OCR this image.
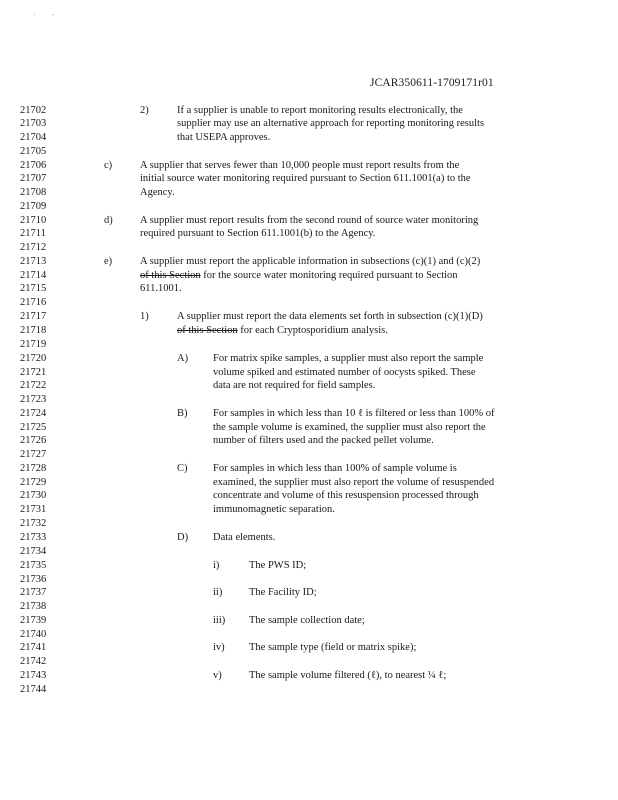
'	''
JCAR350611-1709171r01
21702
21703
21704
21705
21706
21707
21708
21709
21710
21711
21712
21713
21714
21715
21716
21717
21718
21719
21720
21721
21722
21723
21724
21725
21726
21727
21728
21729
21730
21731
21732
21733
21734
21735
21736
21737
21738
21739
21740
21741
21742
21743
21744
2)	If a supplier is unable to report monitoring results electronically, the
supplier may use an alternative approach for reporting monitoring results
that USEPA approves.
c)	A supplier that serves fewer than 10,000 people must report results from the
initial source water monitoring required pursuant to Section 611.1001(a) to the
Agency.
d)	A supplier must report results from the second round of source water monitoring
required pursuant to Section 611.1001(b) to the Agency.
e)	A supplier must report the applicable information in subsections (c)(1) and (c)(2)
of this Section for the source water monitoring required pursuant to Section
611.1001.
1)	A supplier must report the data elements set forth in subsection (c)(1)(D)
of this Section for each Cryptosporidium analysis.
A) For matrix spike samples, a supplier must also report the sample
volume spiked and estimated number of oocysts spiked. These
data are not required for field samples.
B) For samples in which less than 10 ℓ is filtered or less than 100% of
the sample volume is examined, the supplier must also report the
number of filters used and the packed pellet volume.
C) For samples in which less than 100% of sample volume is
examined, the supplier must also report the volume of resuspended
concentrate and volume of this resuspension processed through
immunomagnetic separation.
D) Data elements.
i)	The PWS ID;
ii)	The Facility ID;
iii) The sample collection date;
iv) The sample type (field or matrix spike);
v)	The sample volume filtered (ℓ), to nearest ¼ ℓ;
